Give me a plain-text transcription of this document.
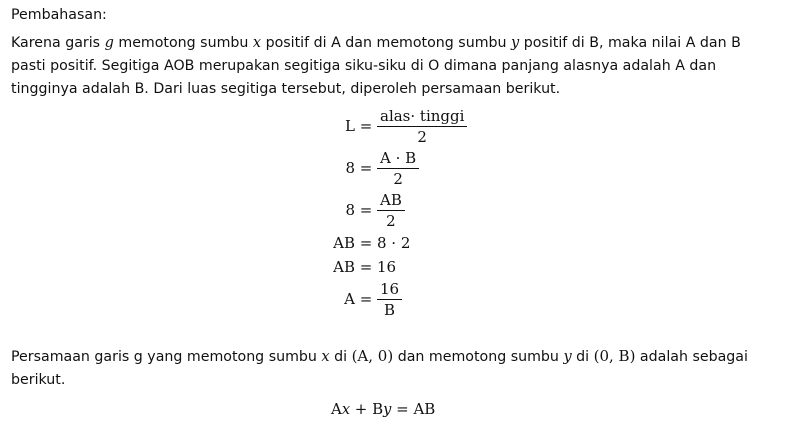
Pembahasan:
Karena garis g memotong sumbu x positif di A dan memotong sumbu y positif di B, maka nilai A dan B
pasti positif. Segitiga AOB merupakan segitiga siku-siku di O dimana panjang alasnya adalah A dan
tingginya adalah B. Dari luas segitiga tersebut, diperoleh persamaan berikut.
$L = \frac{\text{alas· tinggi}}{2}$
$8 = \frac{A \cdot B}{2}$
$8 = \frac{AB}{2}$
AB = 8 · 2
AB = 16
$A = \frac{16}{B}$
Persamaan garis g yang memotong sumbu x di (A, 0) dan memotong sumbu y di (0, B) adalah sebagai
berikut.
Ax + By = AB
